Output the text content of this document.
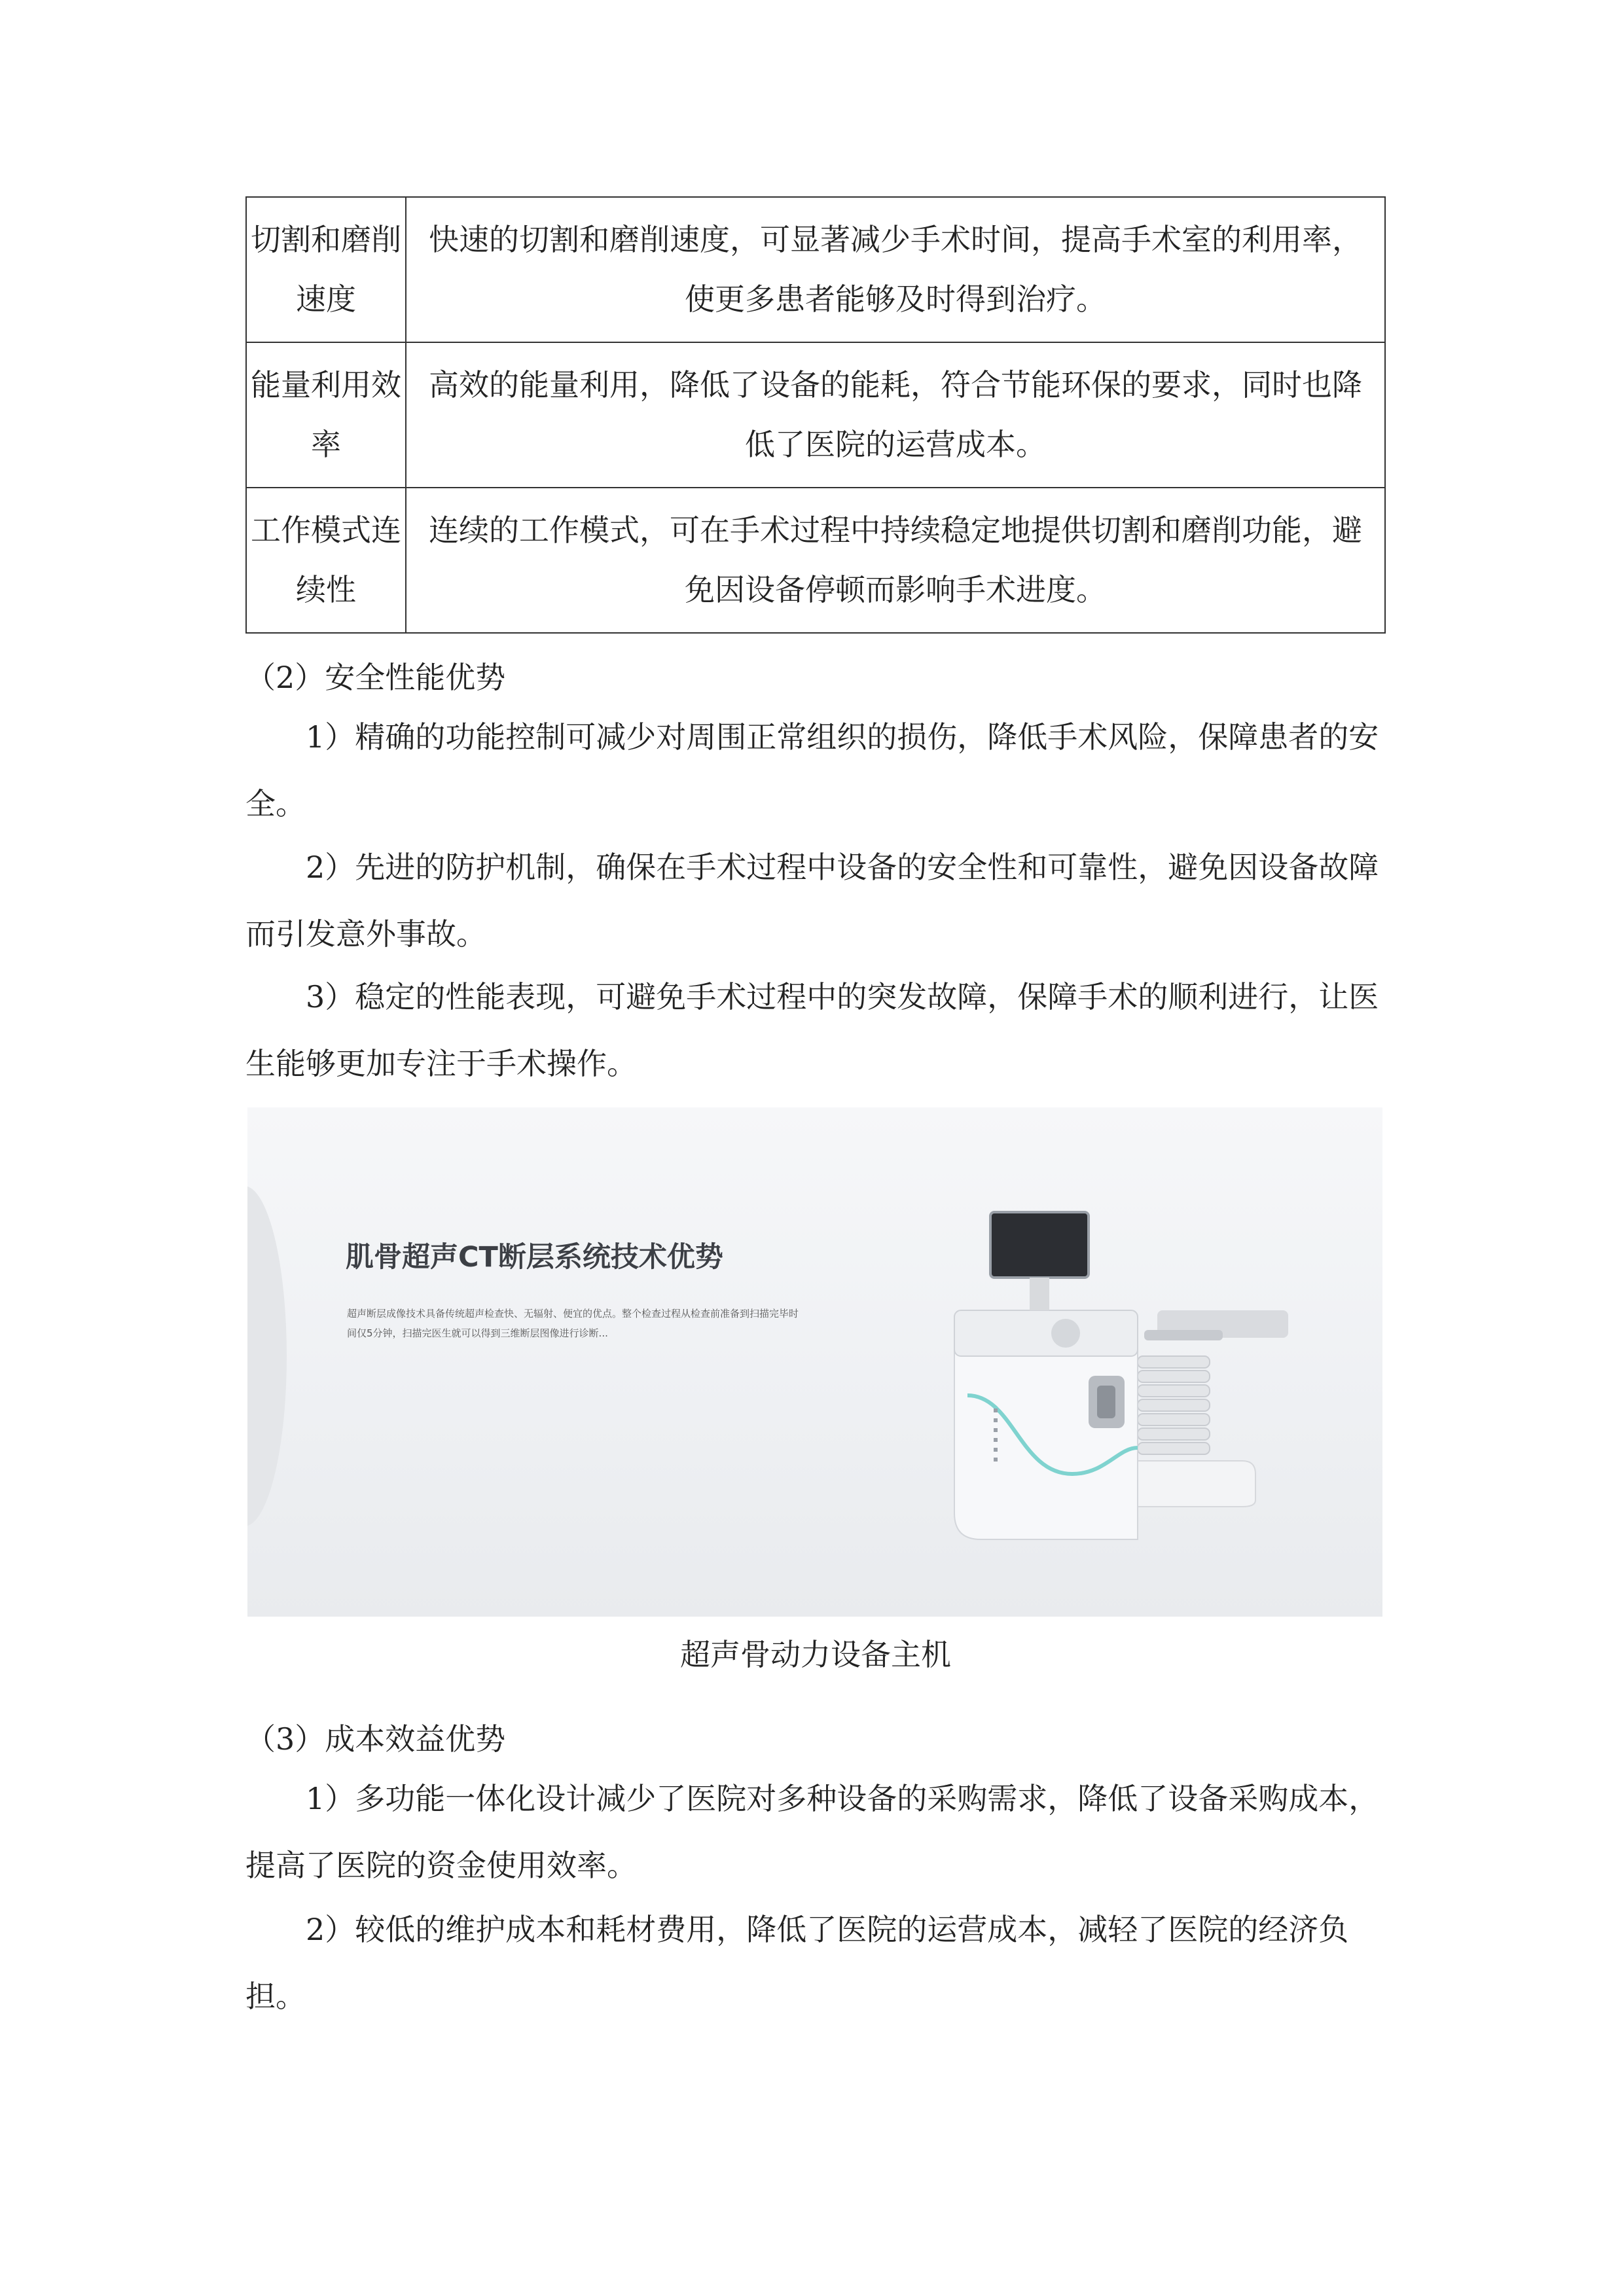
切割和磨削速度	快速的切割和磨削速度，可显著减少手术时间，提高手术室的利用率，使更多患者能够及时得到治疗。
能量利用效率	高效的能量利用，降低了设备的能耗，符合节能环保的要求，同时也降低了医院的运营成本。
工作模式连续性	连续的工作模式，可在手术过程中持续稳定地提供切割和磨削功能，避免因设备停顿而影响手术进度。
（2）安全性能优势
1）精确的功能控制可减少对周围正常组织的损伤，降低手术风险，保障患者的安全。
2）先进的防护机制，确保在手术过程中设备的安全性和可靠性，避免因设备故障而引发意外事故。
3）稳定的性能表现，可避免手术过程中的突发故障，保障手术的顺利进行，让医生能够更加专注于手术操作。
肌骨超声CT断层系统技术优势
超声断层成像技术具备传统超声检查快、无辐射、便宜的优点。整个检查过程从检查前准备到扫描完毕时间仅5分钟，扫描完医生就可以得到三维断层图像进行诊断...
超声骨动力设备主机
（3）成本效益优势
1）多功能一体化设计减少了医院对多种设备的采购需求，降低了设备采购成本，提高了医院的资金使用效率。
2）较低的维护成本和耗材费用，降低了医院的运营成本，减轻了医院的经济负担。
